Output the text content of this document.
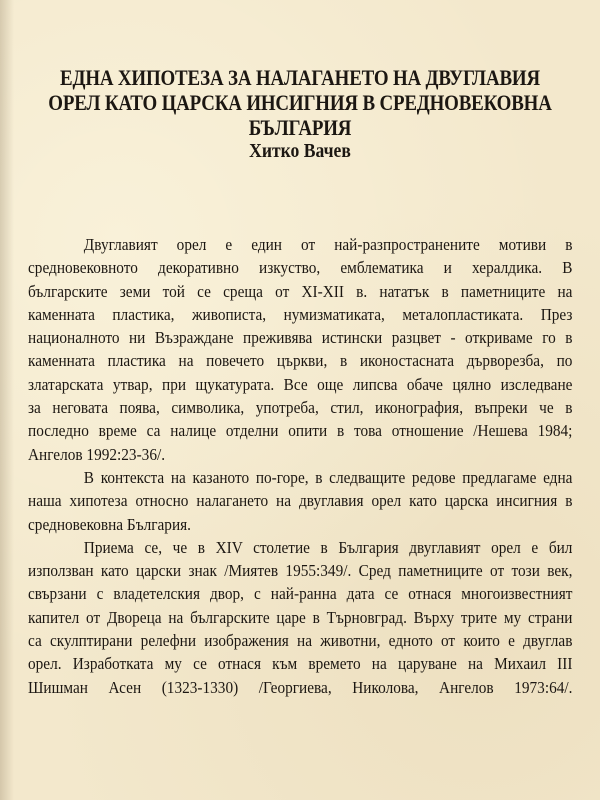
ЕДНА ХИПОТЕЗА ЗА НАЛАГАНЕТО НА ДВУГЛАВИЯ
ОРЕЛ КАТО ЦАРСКА ИНСИГНИЯ В СРЕДНОВЕКОВНА
БЪЛГАРИЯ
Хитко Вачев
Двуглавият орел е един от най-разпространените мотиви в
средновековното декоративно изкуство, емблематика и хералдика. В
българските земи той се среща от XI-XII в. нататък в паметниците на
каменната пластика, живописта, нумизматиката, металопластиката. През
националното ни Възраждане преживява истински разцвет - откриваме го в
каменната пластика на повечето църкви, в иконостасната дърворезба, по
златарската утвар, при щукатурата. Все още липсва обаче цялно изследване
за неговата поява, символика, употреба, стил, иконография, въпреки че в
последно време са налице отделни опити в това отношение /Нешева 1984;
Ангелов 1992:23-36/.
В контекста на казаното по-горе, в следващите редове предлагаме една
наша хипотеза относно налагането на двуглавия орел като царска инсигния в
средновековна България.
Приема се, че в XIV столетие в България двуглавият орел е бил
използван като царски знак /Миятев 1955:349/. Сред паметниците от този век,
свързани с владетелския двор, с най-ранна дата се отнася многоизвестният
капител от Двореца на българските царе в Търновград. Върху трите му страни
са скулптирани релефни изображения на животни, едното от които е двуглав
орел. Изработката му се отнася към времето на царуване на Михаил III
Шишман Асен (1323-1330) /Георгиева, Николова, Ангелов 1973:64/.
